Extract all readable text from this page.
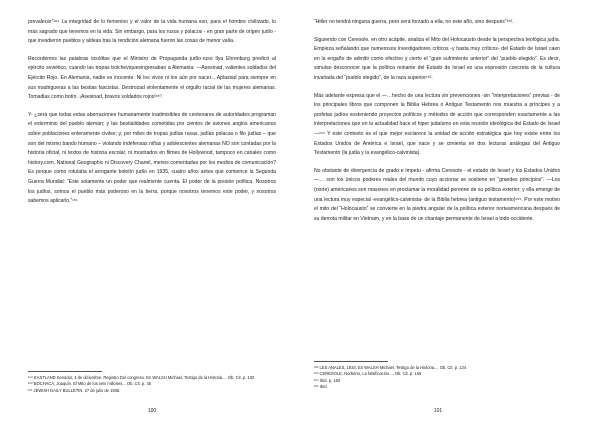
prevalecer”¹⁶⁹ La integridad de lo femenino y el valor de la vida humana son, para el hombre civilizado, lo más sagrado que tenemos en la vida. Sin embargo, para los rusos y polacos - en gran parte de origen judío - que invadieron pueblos y aldeas tras la rendición alemana fueron las cosas de menor valía.

Recordemos las palabras insólitas que el Ministro de Propaganda judío-ruso Ilya Ehrenburg predicó al ejército soviético, cuando las tropas bolcheviquesingresaban a Alemania: —Asesinad, valientes soldados del Ejército Rojo. En Alemania, nadie es inocente. Ni los vivos ni los aún por nacer... Aplastad para siempre en sus madrigueras a las bestias fascistas. Destrozad violentamente el orgullo racial de las mujeres alemanas. Tomadlas como botín. ¡Asesinad, bravos soldados rojos!¹⁵⁰.

Y- ¿será que todas estas aberraciones humanamente inadmisibles de centenares de autoridades programan el exterminio del pueblo alemán; y las bestialidades cometidas por cientos de aviones anglos americanos sobre poblaciones enteramente civiles; y, por miles de tropas judías rusas, judías polacas o filo judías – que son del mismo bando humano – violando indefensas niñas y adolescentes alemanas NO son contadas por la historia oficial, ni textos de historia escolar, ni mostrados en filmes de Hollywood, tampoco en canales como history.com, National Geographic ni Discovery Chanel, menos comentadas por los medios de comunicación? Es porque como rotulaba el arrogante boletín judío en 1935, cuatro años antes que comience la Segunda Guerra Mundial: “Este solamente un poder que realmente cuenta. El poder de la presión política. Nosotros los judíos, somos el pueblo más poderoso en la tierra, porque nosotros tenemos este poder, y nosotros sabemos aplicarlo.”¹⁵¹

¹⁴⁹ EASTLAND Senador, 4 de diciembre. Registro Del congreso. En WALSH Michael, Testigo de la Historia.... Ob. Cit. p. 132
¹⁵⁰ BOCHACA, Joaquín. El Mito de los seis millones... Ob. Cit. p. 45
¹⁵¹ JEWISH DAILY BULLETIN, 27 de julio de 1935.
100

“Hitler no tendrá ninguna guerra, pero será forzado a ella, no este año, sino después”¹⁵².

Siguiendo con Ceresole, en otro acápite, analiza el Mito del Holocausto desde la perspectiva teológica judía. Empieza señalando que numerosos investigadores críticos -y hasta muy críticos- del Estado de Israel caen en la engaño de admitir como efectivo y cierto el “gran sufrimiento anterior” del “pueblo elegido”. Es decir, simulan desconocer que la política reinante del Estado de Israel es una expresión concreta de la cultura invariada del “pueblo elegido”, de la raza superior¹⁵³.

Más adelante expresa que el —…hecho de una lectura sin prevenciones -sin “interpretaciones” previas - de los principales libros que componen la Biblia Hebrea o Antiguo Testamento nos muestra a príncipes y a profetas judíos sosteniendo proyectos políticos y métodos de acción que corresponden exactamente a las interpretaciones que en la actualidad hace el hiper judaísmo en esta reunión ideológica del Estado de Israel—¹⁵⁴ Y este contexto es el que mejor esclarece la unidad de acción estratégica que hoy existe entre los Estados Unidos de América e Israel, que nace y se cimienta en dos lecturas análogas del Antiguo Testamento (la judía y la evangélico-calvinista).

No obstante de divergencia de grado e ímpetu - afirma Ceresole - el estado de Israel y los Estados Unidos —… son los únicos poderes reales del mundo cuyo accionar se sostiene en “grandes principios”. —Los (norte) americanos son masones en proclamar la moralidad perenne de su política exterior; y ella emerge de una lectura muy especial -evangélico-calvinista- de la Biblia hebrea (antiguo testamento)¹⁵⁵. Por este motivo el mito del “Holocausto” se convierte en la piedra angular de la política exterior norteamericana después de su derrota militar en Vietnam, y en la base de un chantaje permanente de Israel a todo occidente.

¹⁵² LES ANALES, 1934. En WALSH Michael, Testigo de la Historia.... Ob. Cit. p. 134
¹⁵³ CERESOLE, Norberto, La falsificación.... Ob. Cit. p. 166
¹⁵⁴ Ibid. p. 184
¹⁵⁵ Ibid.
101
